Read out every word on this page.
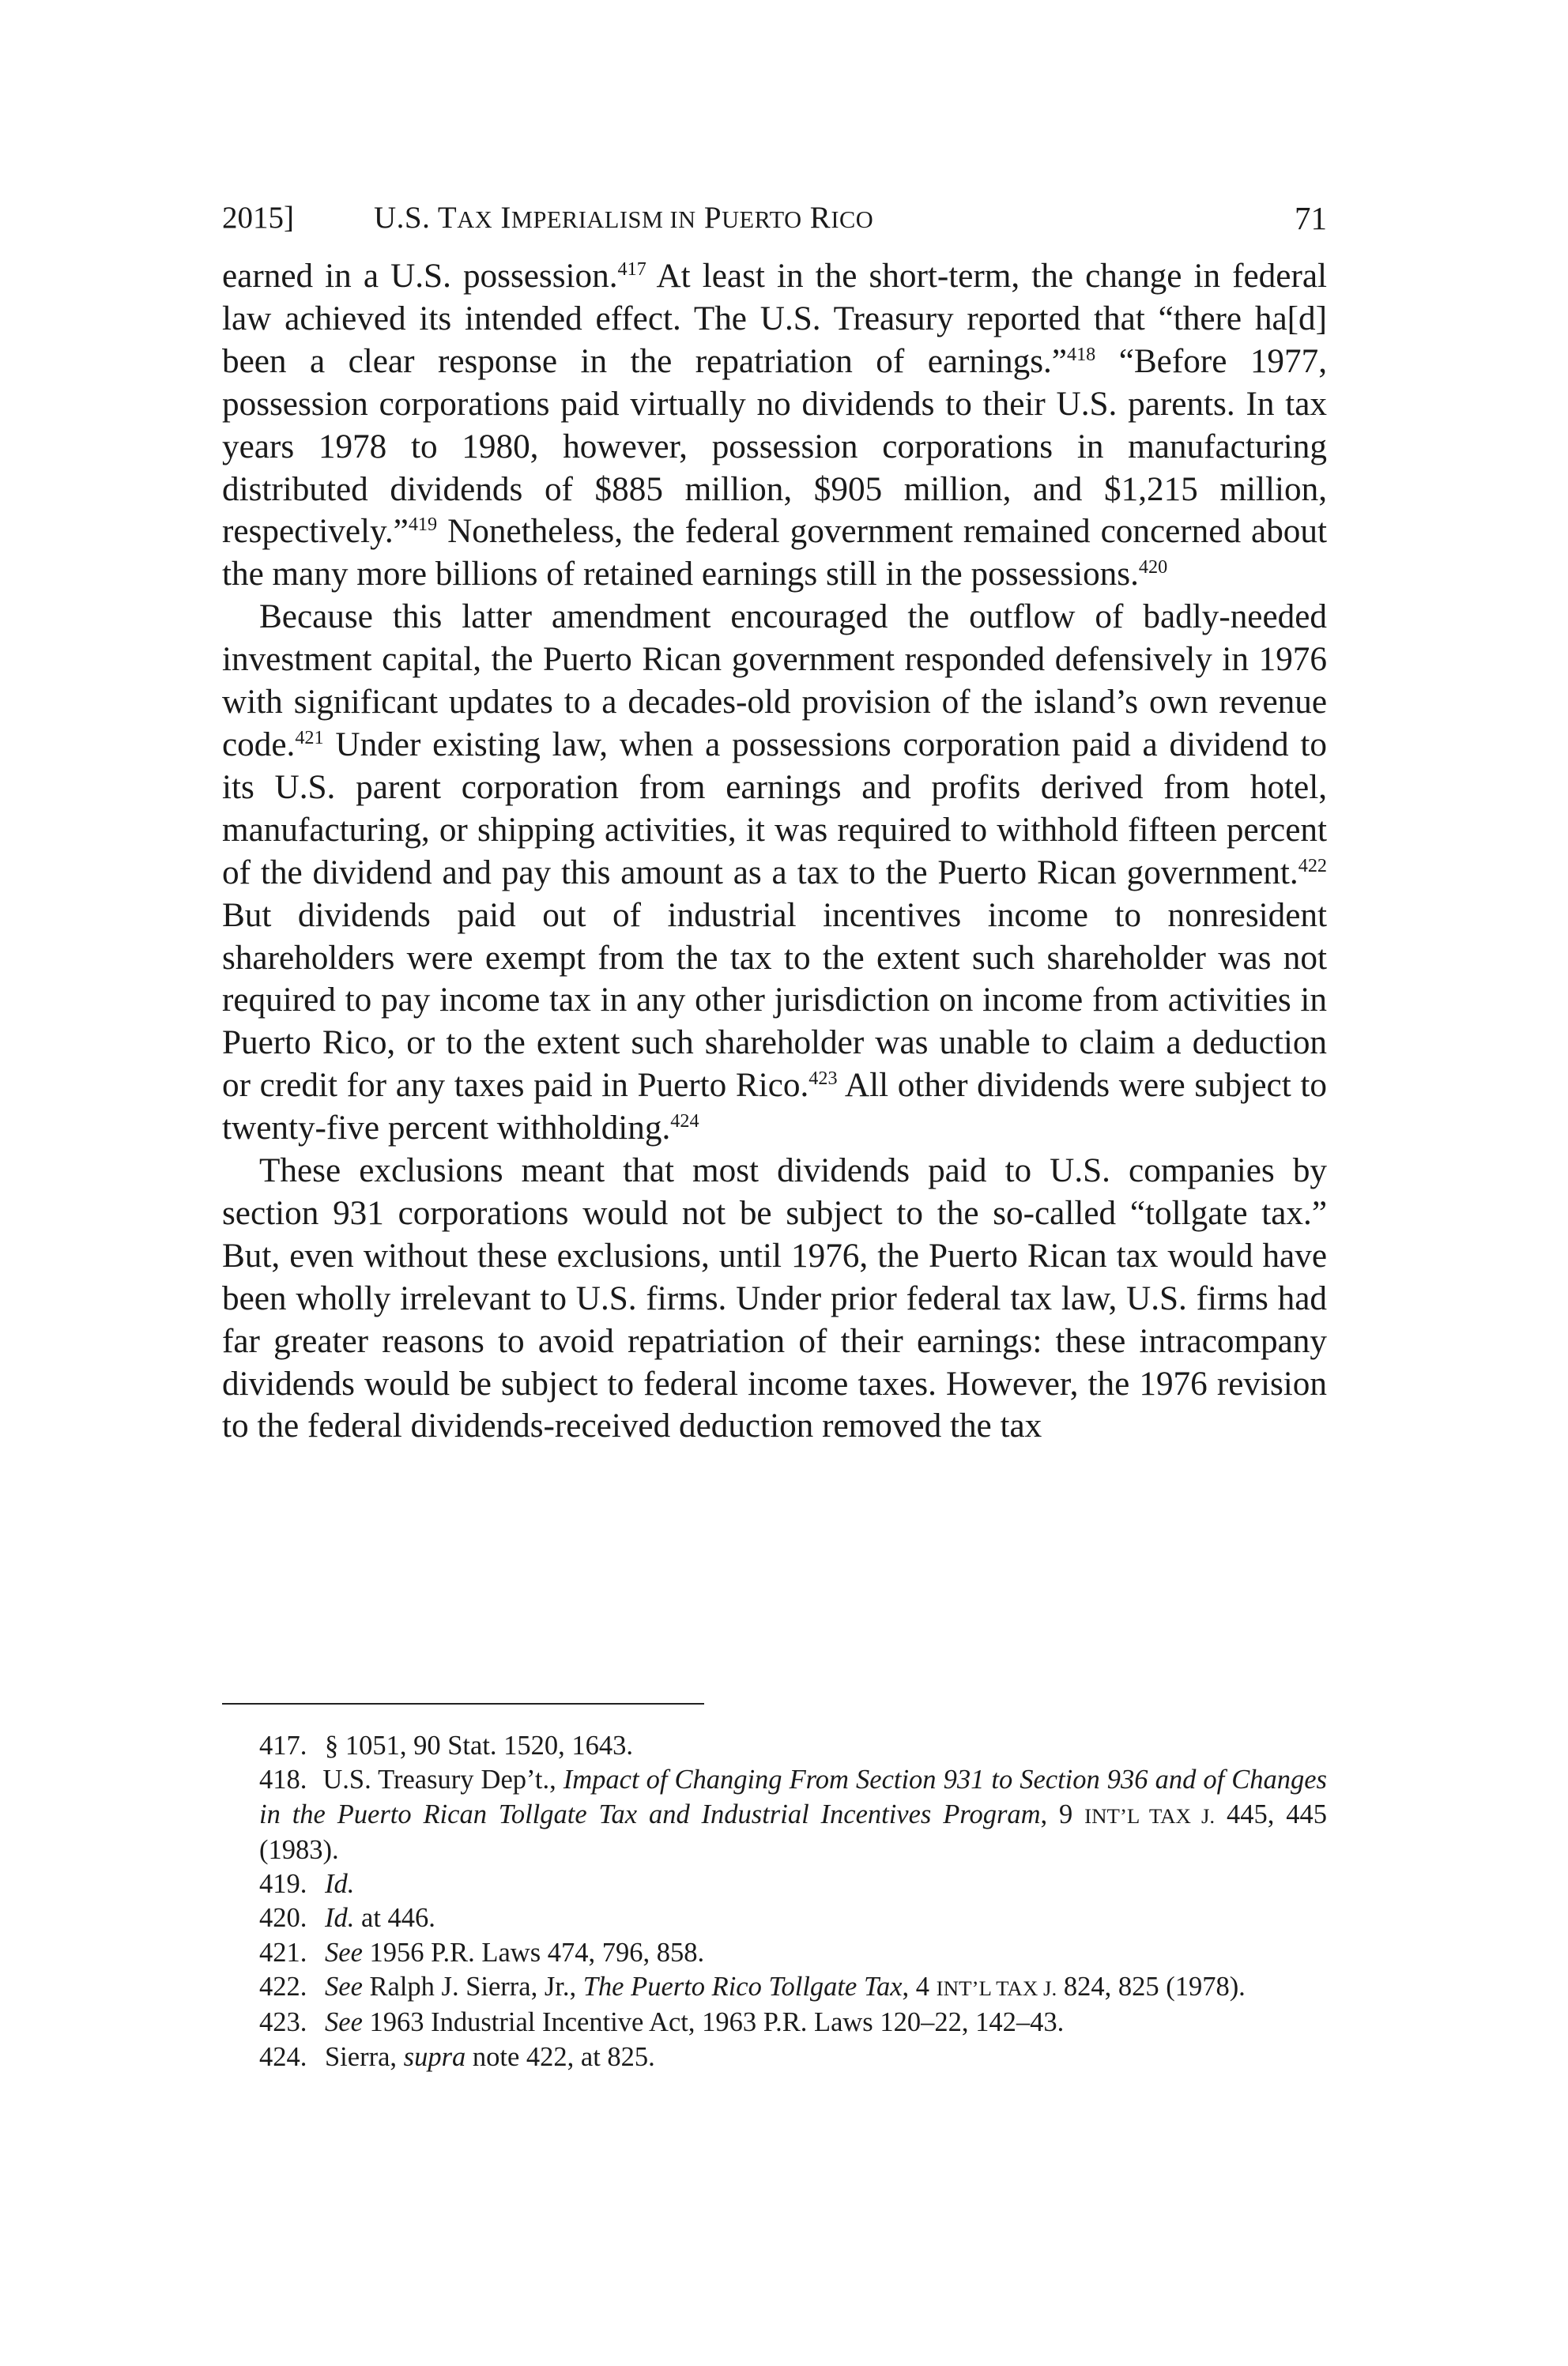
2015]	U.S. TAX IMPERIALISM IN PUERTO RICO	71

earned in a U.S. possession.$^{417}$ At least in the short-term, the change in federal law achieved its intended effect. The U.S. Treasury reported that “there ha[d] been a clear response in the repatriation of earnings.”$^{418}$ “Before 1977, possession corporations paid virtually no dividends to their U.S. parents. In tax years 1978 to 1980, however, possession corporations in manufacturing distributed dividends of $885 million, $905 million, and $1,215 million, respectively.”$^{419}$ Nonetheless, the federal government remained concerned about the many more billions of retained earnings still in the possessions.$^{420}$

Because this latter amendment encouraged the outflow of badly-needed investment capital, the Puerto Rican government responded defensively in 1976 with significant updates to a decades-old provision of the island’s own revenue code.$^{421}$ Under existing law, when a possessions corporation paid a dividend to its U.S. parent corporation from earnings and profits derived from hotel, manufacturing, or shipping activities, it was required to withhold fifteen percent of the dividend and pay this amount as a tax to the Puerto Rican government.$^{422}$ But dividends paid out of industrial incentives income to nonresident shareholders were exempt from the tax to the extent such shareholder was not required to pay income tax in any other jurisdiction on income from activities in Puerto Rico, or to the extent such shareholder was unable to claim a deduction or credit for any taxes paid in Puerto Rico.$^{423}$ All other dividends were subject to twenty-five percent withholding.$^{424}$

These exclusions meant that most dividends paid to U.S. companies by section 931 corporations would not be subject to the so-called “tollgate tax.” But, even without these exclusions, until 1976, the Puerto Rican tax would have been wholly irrelevant to U.S. firms. Under prior federal tax law, U.S. firms had far greater reasons to avoid repatriation of their earnings: these intracompany dividends would be subject to federal income taxes. However, the 1976 revision to the federal dividends-received deduction removed the tax

417. § 1051, 90 Stat. 1520, 1643.
418. U.S. Treasury Dep’t., Impact of Changing From Section 931 to Section 936 and of Changes in the Puerto Rican Tollgate Tax and Industrial Incentives Program, 9 INT’L TAX J. 445, 445 (1983).
419. Id.
420. Id. at 446.
421. See 1956 P.R. Laws 474, 796, 858.
422. See Ralph J. Sierra, Jr., The Puerto Rico Tollgate Tax, 4 INT’L TAX J. 824, 825 (1978).
423. See 1963 Industrial Incentive Act, 1963 P.R. Laws 120–22, 142–43.
424. Sierra, supra note 422, at 825.
